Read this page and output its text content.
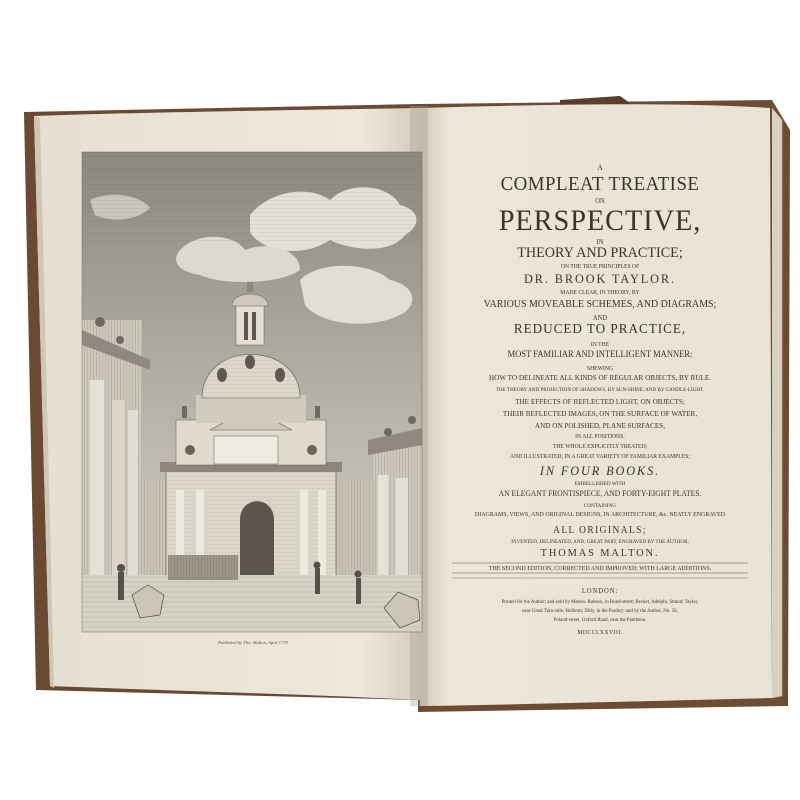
Published by Tho. Malton, April 1779
A
COMPLEAT TREATISE
ON
PERSPECTIVE,
IN
THEORY AND PRACTICE;
ON THE TRUE PRINCIPLES OF
DR. BROOK TAYLOR.
MADE CLEAR, IN THEORY, BY
VARIOUS MOVEABLE SCHEMES, AND DIAGRAMS;
AND
REDUCED TO PRACTICE,
IN THE
MOST FAMILIAR AND INTELLIGENT MANNER;
SHEWING
HOW TO DELINEATE ALL KINDS OF REGULAR OBJECTS, BY RULE.
THE THEORY AND PROJECTION OF SHADOWS, BY SUN-SHINE, AND BY CANDLE-LIGHT.
THE EFFECTS OF REFLECTED LIGHT, ON OBJECTS;
THEIR REFLECTED IMAGES, ON THE SURFACE OF WATER,
AND ON POLISHED, PLANE SURFACES,
IN ALL POSITIONS.
THE WHOLE EXPLICITLY TREATED;
AND ILLUSTRATED, IN A GREAT VARIETY OF FAMILIAR EXAMPLES;
IN FOUR BOOKS.
EMBELLISHED WITH
AN ELEGANT FRONTISPIECE, AND FORTY-EIGHT PLATES.
CONTAINING
DIAGRAMS, VIEWS, AND ORIGINAL DESIGNS, IN ARCHITECTURE, &c. NEATLY ENGRAVED
ALL ORIGINALS;
INVENTED, DELINEATED, AND, GREAT PART, ENGRAVED BY THE AUTHOR,
THOMAS MALTON.
THE SECOND EDITION, CORRECTED AND IMPROVED; WITH LARGE ADDITIONS.
LONDON:
Printed for the Author; and sold by Messrs. Robson, in Bond-street; Becket, Adelphi, Strand; Taylor,
near Great Turn-stile, Holborn; Dilly, in the Poultry; and by the Author, No. 56,
Poland-street, Oxford Road, near the Pantheon.
MDCCLXXVIII.
